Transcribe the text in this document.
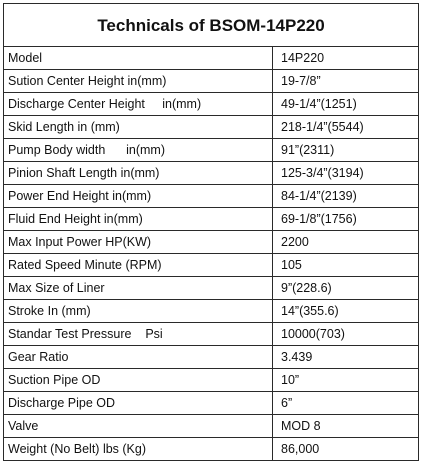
Technicals of BSOM-14P220	
Model	14P220
Sution Center Height in(mm)	19-7/8”
Discharge Center Height     in(mm)	49-1/4”(1251)
Skid Length in (mm)	218-1/4”(5544)
Pump Body width      in(mm)	91”(2311)
Pinion Shaft Length in(mm)	125-3/4”(3194)
Power End Height in(mm)	84-1/4”(2139)
Fluid End Height in(mm)	69-1/8”(1756)
Max Input Power HP(KW)	2200
Rated Speed Minute (RPM)	105
Max Size of Liner	9”(228.6)
Stroke In (mm)	14”(355.6)
Standar Test Pressure    Psi	10000(703)
Gear Ratio	3.439
Suction Pipe OD	10”
Discharge Pipe OD	6”
Valve	MOD 8
Weight (No Belt) lbs (Kg)	86,000
